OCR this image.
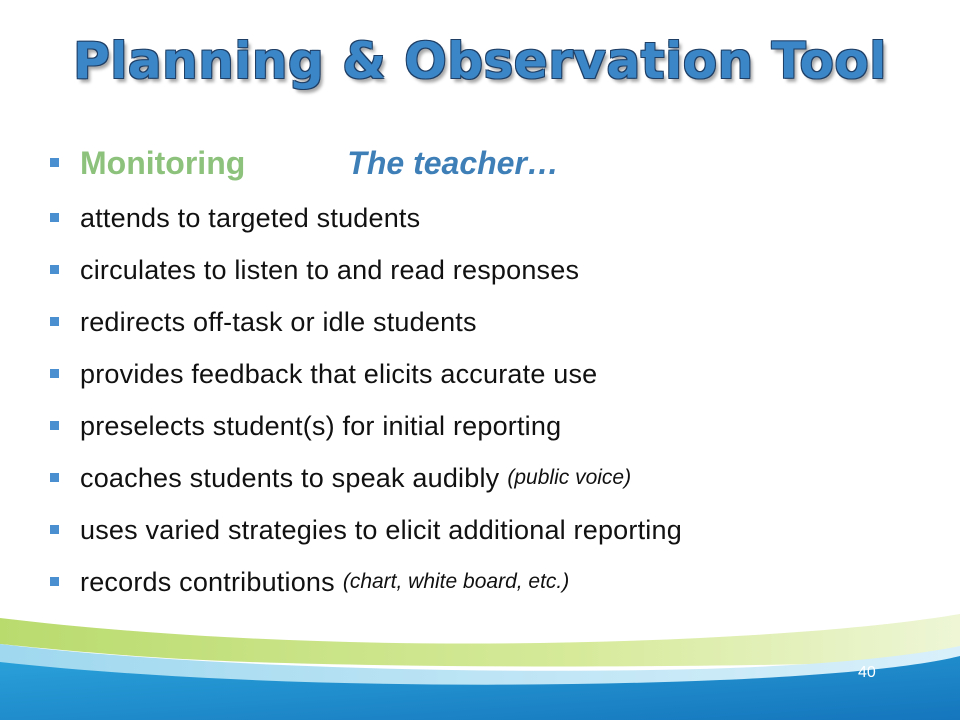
Planning & Observation Tool
Monitoring	The teacher…
attends to targeted students
circulates to listen to and read responses
redirects off-task or idle students
provides feedback that elicits accurate use
preselects student(s) for initial reporting
coaches students to speak audibly (public voice)
uses varied strategies to elicit additional reporting
records contributions (chart, white board, etc.)
40
